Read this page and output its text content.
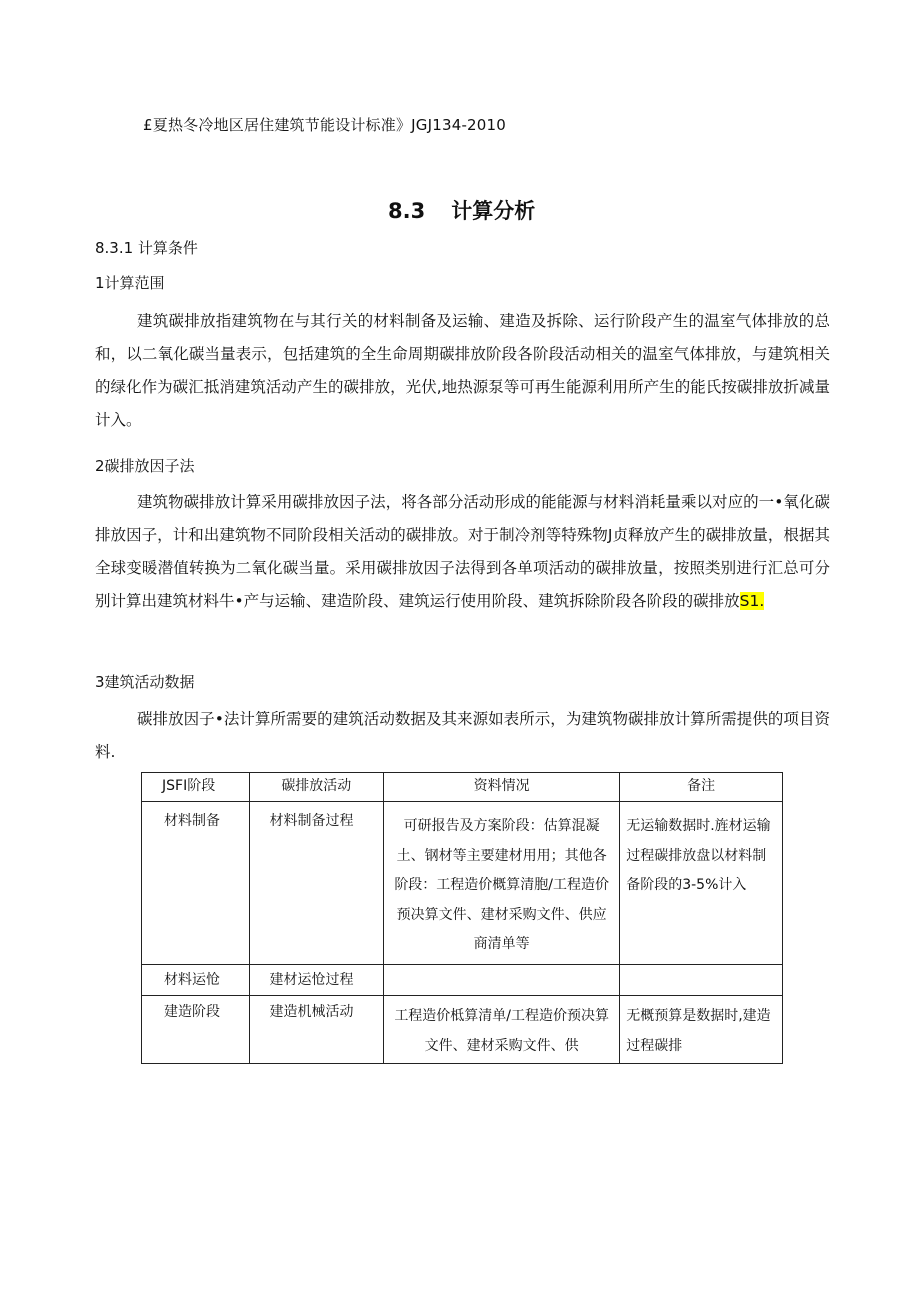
£夏热冬冷地区居住建筑节能设计标准》JGJ134-2010
8.3 计算分析
8.3.1 计算条件
1计算范围

建筑碳排放指建筑物在与其行关的材料制备及运输、建造及拆除、运行阶段产生的温室气体排放的总和，以二氧化碳当量表示，包括建筑的全生命周期碳排放阶段各阶段活动相关的温室气体排放，与建筑相关的绿化作为碳汇抵消建筑活动产生的碳排放，光伏,地热源泵等可再生能源利用所产生的能氏按碳排放折减量计入。

2碳排放因子法

建筑物碳排放计算采用碳排放因子法，将各部分活动形成的能能源与材料消耗量乘以对应的一•氧化碳排放因子，计和出建筑物不同阶段相关活动的碳排放。对于制冷剂等特殊物J贞释放产生的碳排放量，根据其全球变暖潜值转换为二氧化碳当量。采用碳排放因子法得到各单项活动的碳排放量，按照类别进行汇总可分别计算出建筑材料牛•产与运输、建造阶段、建筑运行使用阶段、建筑拆除阶段各阶段的碳排放S1.

3建筑活动数据

碳排放因子•法计算所需要的建筑活动数据及其来源如表所示，为建筑物碳排放计算所需提供的项目资料.

JSFI阶段	碳排放活动	资料情况	备注

材料制备	材料制备过程	可研报告及方案阶段：估算混凝土、钢材等主要建材用用；其他各阶段：工程造价概算清胞/工程造价预决算文件、建材采购文件、供应商清单等	无运输数据时.旌材运输过程碳排放盘以材料制备阶段的3-5%计入

材料运怆	建材运怆过程		

建造阶段	建造机械活动	工程造价柢算清单/工程造价预决算文件、建材采购文件、供	无概预算是数据时,建造过程碳排
